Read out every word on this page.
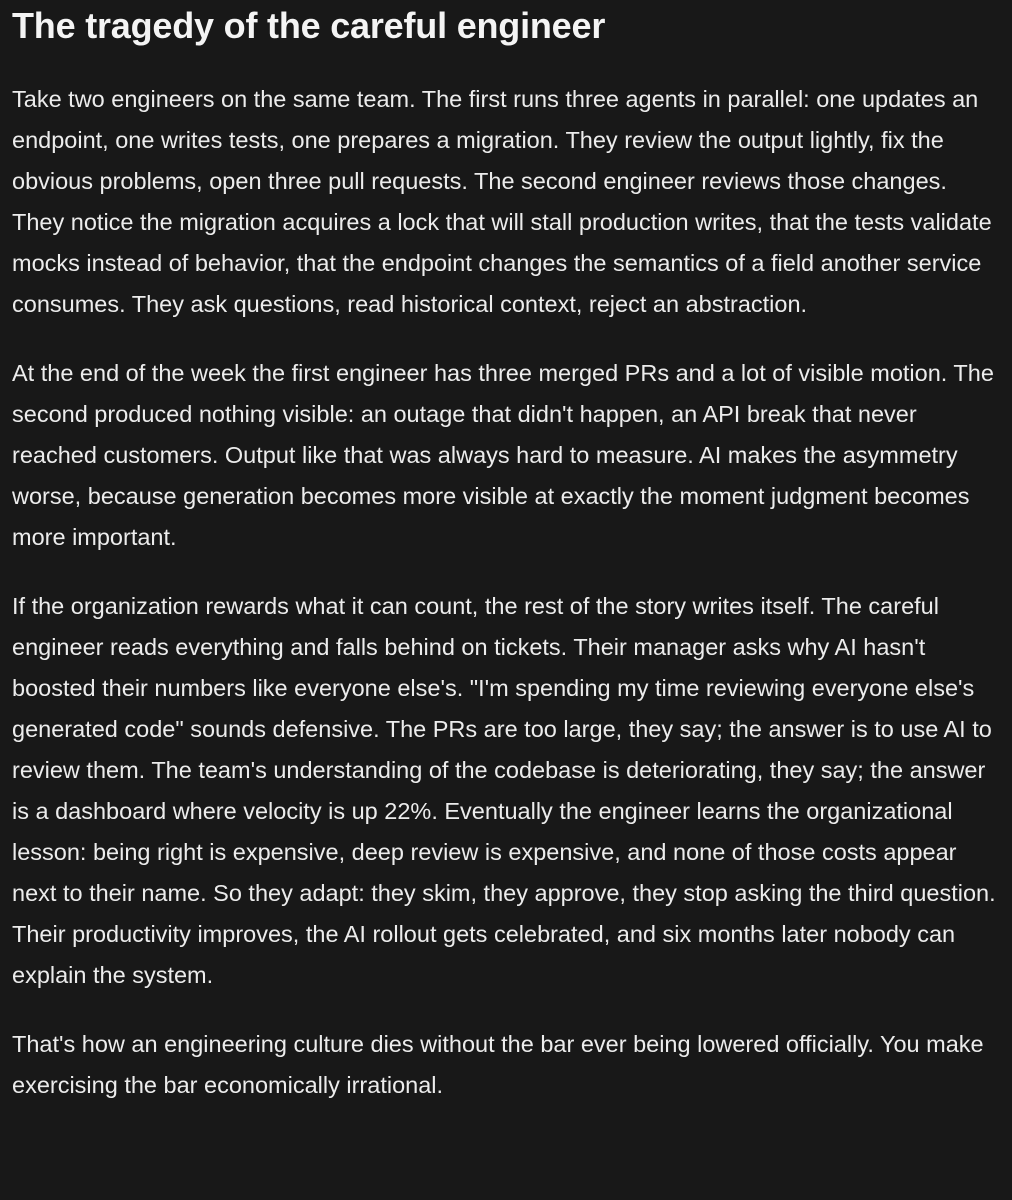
The tragedy of the careful engineer

Take two engineers on the same team. The first runs three agents in parallel: one updates an endpoint, one writes tests, one prepares a migration. They review the output lightly, fix the obvious problems, open three pull requests. The second engineer reviews those changes. They notice the migration acquires a lock that will stall production writes, that the tests validate mocks instead of behavior, that the endpoint changes the semantics of a field another service consumes. They ask questions, read historical context, reject an abstraction.

At the end of the week the first engineer has three merged PRs and a lot of visible motion. The second produced nothing visible: an outage that didn't happen, an API break that never reached customers. Output like that was always hard to measure. AI makes the asymmetry worse, because generation becomes more visible at exactly the moment judgment becomes more important.

If the organization rewards what it can count, the rest of the story writes itself. The careful engineer reads everything and falls behind on tickets. Their manager asks why AI hasn't boosted their numbers like everyone else's. "I'm spending my time reviewing everyone else's generated code" sounds defensive. The PRs are too large, they say; the answer is to use AI to review them. The team's understanding of the codebase is deteriorating, they say; the answer is a dashboard where velocity is up 22%. Eventually the engineer learns the organizational lesson: being right is expensive, deep review is expensive, and none of those costs appear next to their name. So they adapt: they skim, they approve, they stop asking the third question. Their productivity improves, the AI rollout gets celebrated, and six months later nobody can explain the system.

That's how an engineering culture dies without the bar ever being lowered officially. You make exercising the bar economically irrational.
